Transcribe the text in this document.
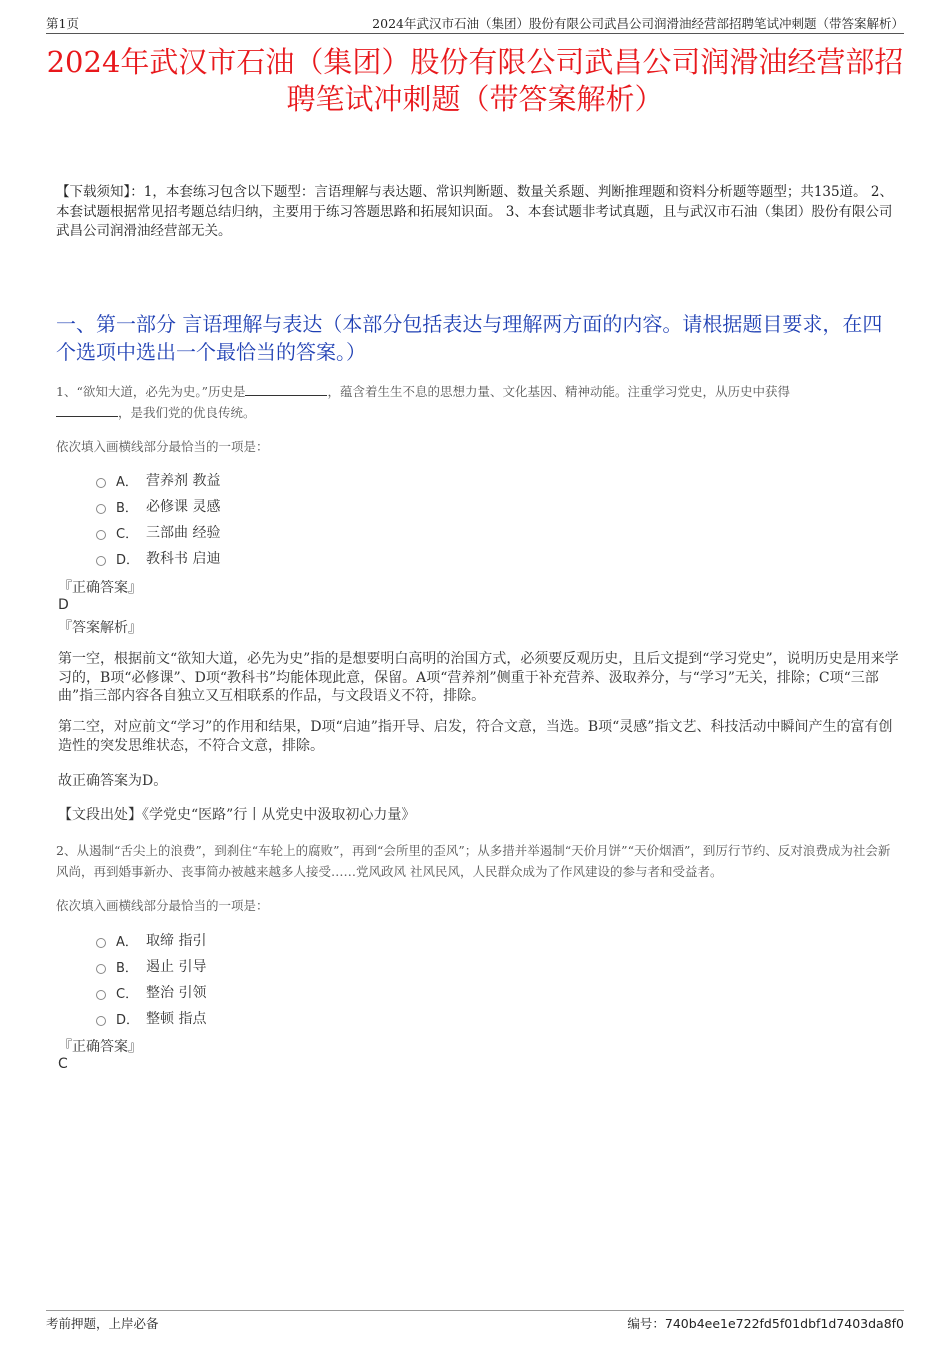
第1页	2024年武汉市石油（集团）股份有限公司武昌公司润滑油经营部招聘笔试冲刺题（带答案解析）
2024年武汉市石油（集团）股份有限公司武昌公司润滑油经营部招聘笔试冲刺题（带答案解析）

【下载须知】：1，本套练习包含以下题型：言语理解与表达题、常识判断题、数量关系题、判断推理题和资料分析题等题型；共135道。 2、本套试题根据常见招考题总结归纳，主要用于练习答题思路和拓展知识面。 3、本套试题非考试真题，且与武汉市石油（集团）股份有限公司武昌公司润滑油经营部无关。

一、第一部分 言语理解与表达（本部分包括表达与理解两方面的内容。请根据题目要求，在四个选项中选出一个最恰当的答案。）

1、“欲知大道，必先为史。”历史是	，蕴含着生生不息的思想力量、文化基因、精神动能。注重学习党史，从历史中获得
，是我们党的优良传统。

依次填入画横线部分最恰当的一项是：

A． 营养剂 教益
B． 必修课 灵感
C． 三部曲 经验
D． 教科书 启迪

『正确答案』

D

『答案解析』

第一空，根据前文“欲知大道，必先为史”指的是想要明白高明的治国方式，必须要反观历史，且后文提到“学习党史”，说明历史是用来学习的，B项“必修课”、D项“教科书”均能体现此意，保留。A项“营养剂”侧重于补充营养、汲取养分，与“学习”无关，排除；C项“三部曲”指三部内容各自独立又互相联系的作品，与文段语义不符，排除。

第二空，对应前文“学习”的作用和结果，D项“启迪”指开导、启发，符合文意，当选。B项“灵感”指文艺、科技活动中瞬间产生的富有创造性的突发思维状态，不符合文意，排除。

故正确答案为D。

【文段出处】《学党史“医路”行丨从党史中汲取初心力量》

2、从遏制“舌尖上的浪费”，到刹住“车轮上的腐败”，再到“会所里的歪风”；从多措并举遏制“天价月饼”“天价烟酒”，到厉行节约、反对浪费成为社会新风尚，再到婚事新办、丧事简办被越来越多人接受……党风政风 社风民风，人民群众成为了作风建设的参与者和受益者。

依次填入画横线部分最恰当的一项是：

A． 取缔 指引
B． 遏止 引导
C． 整治 引领
D． 整顿 指点

『正确答案』

C

考前押题，上岸必备	编号：740b4ee1e722fd5f01dbf1d7403da8f0
